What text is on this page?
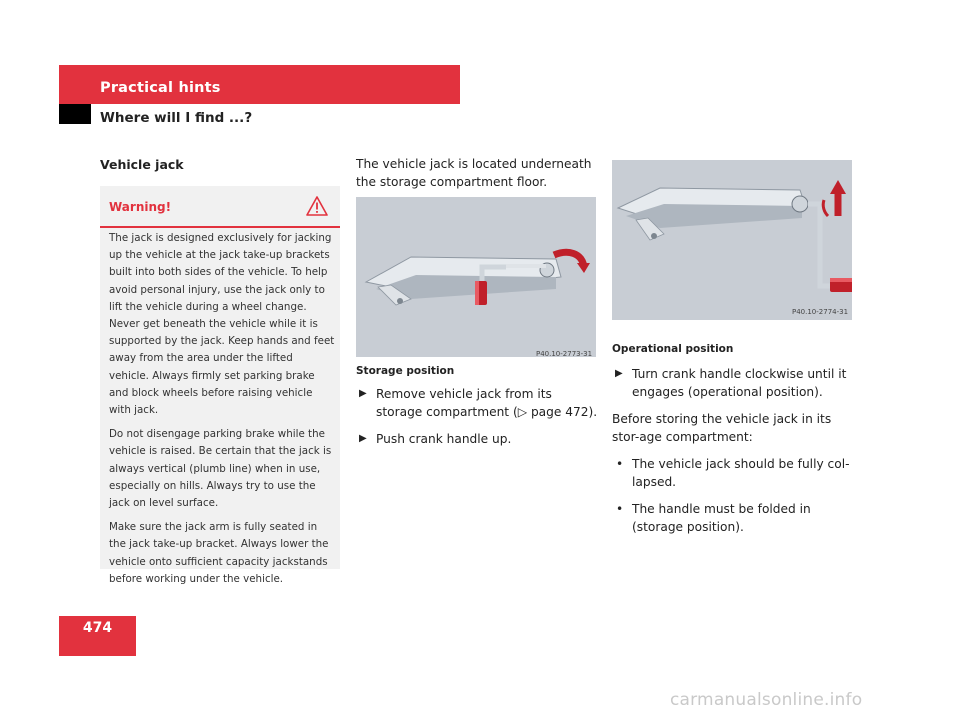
Practical hints
Where will I find ...?
Vehicle jack
Warning!

The jack is designed exclusively for jacking up the vehicle at the jack take-up brackets built into both sides of the vehicle. To help avoid personal injury, use the jack only to lift the vehicle during a wheel change. Never get beneath the vehicle while it is supported by the jack. Keep hands and feet away from the area under the lifted vehicle. Always firmly set parking brake and block wheels before raising vehicle with jack.

Do not disengage parking brake while the vehicle is raised. Be certain that the jack is always vertical (plumb line) when in use, especially on hills. Always try to use the jack on level surface.

Make sure the jack arm is fully seated in the jack take-up bracket. Always lower the vehicle onto sufficient capacity jackstands before working under the vehicle.

The vehicle jack is located underneath the storage compartment floor.
P40.10-2773-31
Storage position
▶ Remove vehicle jack from its storage compartment (▷ page 472).
▶ Push crank handle up.
P40.10-2774-31
Operational position
▶ Turn crank handle clockwise until it engages (operational position).
Before storing the vehicle jack in its stor-age compartment:
• The vehicle jack should be fully col-lapsed.
• The handle must be folded in (storage position).
474
carmanualsonline.info
